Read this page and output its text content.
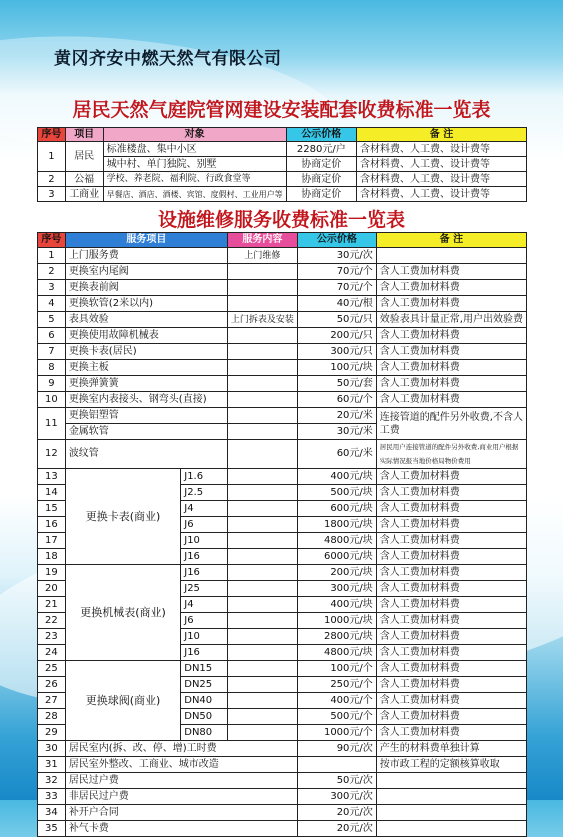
黄冈齐安中燃天然气有限公司
居民天然气庭院管网建设安装配套收费标准一览表
序号	项目	对象	公示价格	备 注
1	居民	标准楼盘、集中小区	2280元/户	含材料费、人工费、设计费等
		城中村、单门独院、别墅	协商定价	含材料费、人工费、设计费等
2	公福	学校、养老院、福利院、行政食堂等	协商定价	含材料费、人工费、设计费等
3	工商业	早餐店、酒店、酒楼、宾馆、度假村、工业用户等	协商定价	含材料费、人工费、设计费等
设施维修服务收费标准一览表
序号	服务项目		服务内容	公示价格	备 注
1	上门服务费		上门维修	30元/次	
2	更换室内尾阀			70元/个	含人工费加材料费
3	更换表前阀			70元/个	含人工费加材料费
4	更换软管(2米以内)			40元/根	含人工费加材料费
5	表具效验		上门拆表及安装	50元/只	效验表具计量正常,用户出效验费
6	更换使用故障机械表			200元/只	含人工费加材料费
7	更换卡表(居民)			300元/只	含人工费加材料费
8	更换主板			100元/块	含人工费加材料费
9	更换弹簧簧			50元/套	含人工费加材料费
10	更换室内表接头、钢弯头(直接)			60元/个	含人工费加材料费
11	更换铝塑管			20元/米	连接管道的配件另外收费,不含人工费
	金属软管			30元/米	
12	波纹管			60元/米	居民用户连接管道的配件另外收费,商业用户根据实际情况报当地价格局物价费用
13	更换卡表(商业)	J1.6		400元/块	含人工费加材料费
14		J2.5		500元/块	含人工费加材料费
15		J4		600元/块	含人工费加材料费
16		J6		1800元/块	含人工费加材料费
17		J10		4800元/块	含人工费加材料费
18		J16		6000元/块	含人工费加材料费
19	更换机械表(商业)	J16		200元/块	含人工费加材料费
20		J25		300元/块	含人工费加材料费
21		J4		400元/块	含人工费加材料费
22		J6		1000元/块	含人工费加材料费
23		J10		2800元/块	含人工费加材料费
24		J16		4800元/块	含人工费加材料费
25	更换球阀(商业)	DN15		100元/个	含人工费加材料费
26		DN25		250元/个	含人工费加材料费
27		DN40		400元/个	含人工费加材料费
28		DN50		500元/个	含人工费加材料费
29		DN80		1000元/个	含人工费加材料费
30	居民室内(拆、改、停、增)工时费			90元/次	产生的材料费单独计算
31	居民室外整改、工商业、城市改造				按市政工程的定额核算收取
32	居民过户费			50元/次	
33	非居民过户费			300元/次	
34	补开户合同			20元/次	
35	补气卡费			20元/次	
